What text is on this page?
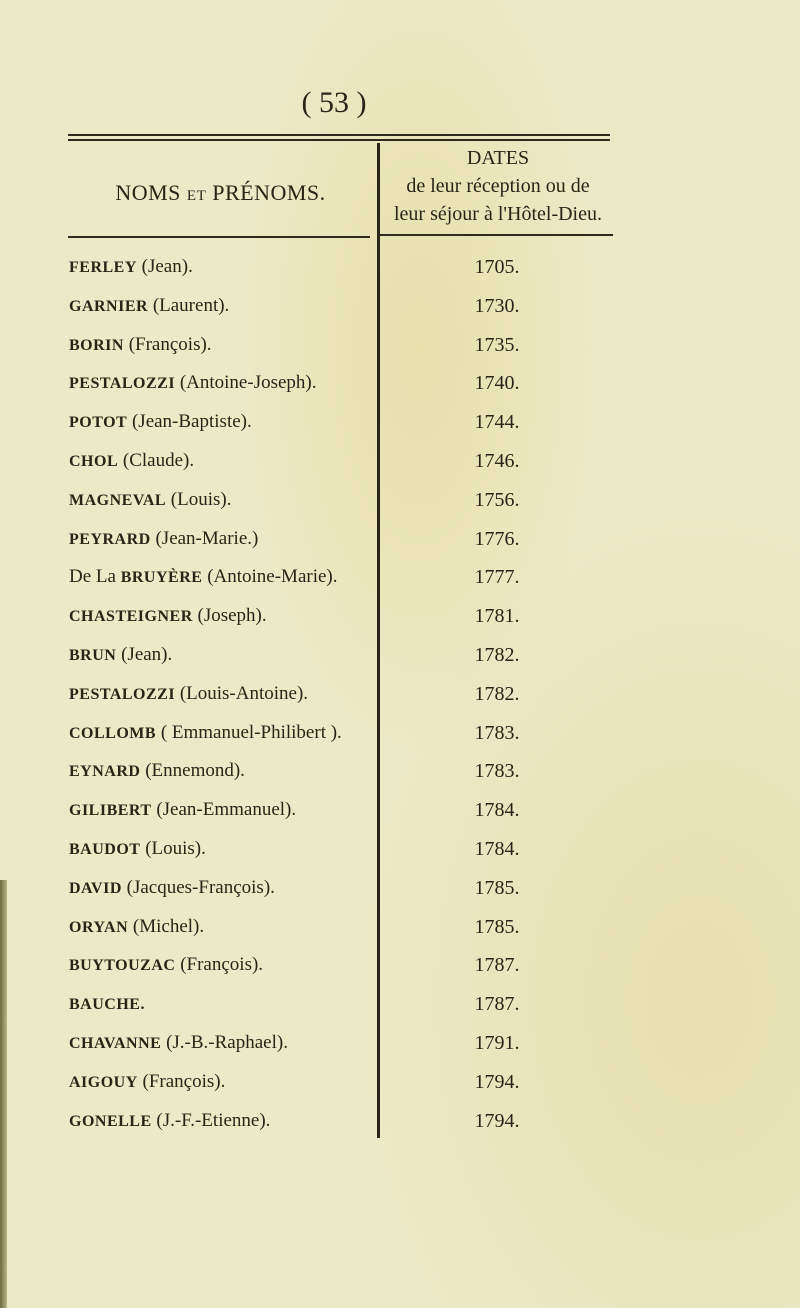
( 53 )
NOMS ET PRÉNOMS.
DATES
de leur réception ou de
leur séjour à l'Hôtel-Dieu.
FERLEY (Jean).	1705.
GARNIER (Laurent).	1730.
BORIN (François).	1735.
PESTALOZZI (Antoine-Joseph).	1740.
POTOT (Jean-Baptiste).	1744.
CHOL (Claude).	1746.
MAGNEVAL (Louis).	1756.
PEYRARD (Jean-Marie.)	1776.
De La BRUYÈRE (Antoine-Marie).	1777.
CHASTEIGNER (Joseph).	1781.
BRUN (Jean).	1782.
PESTALOZZI (Louis-Antoine).	1782.
COLLOMB ( Emmanuel-Philibert ).	1783.
EYNARD (Ennemond).	1783.
GILIBERT (Jean-Emmanuel).	1784.
BAUDOT (Louis).	1784.
DAVID (Jacques-François).	1785.
ORYAN (Michel).	1785.
BUYTOUZAC (François).	1787.
BAUCHE.	1787.
CHAVANNE (J.-B.-Raphael).	1791.
AIGOUY (François).	1794.
GONELLE (J.-F.-Etienne).	1794.
